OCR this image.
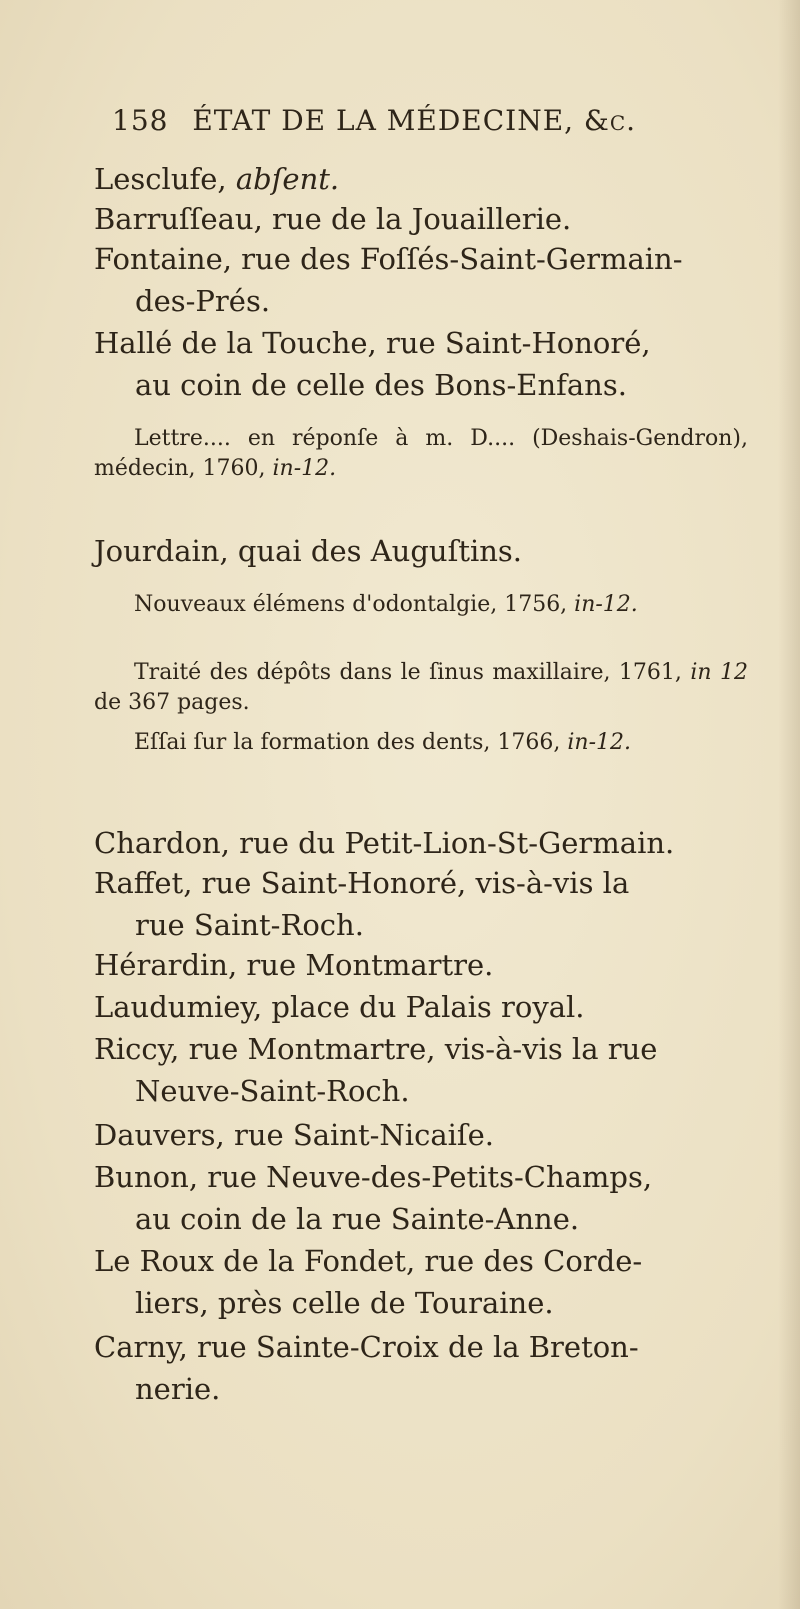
158 ÉTAT DE LA MÉDECINE, &c.
Lesclufe, abſent.
Barruſſeau, rue de la Jouaillerie.
Fontaine, rue des Foſſés-Saint-Germain-
des-Prés.
Hallé de la Touche, rue Saint-Honoré,
au coin de celle des Bons-Enfans.
Lettre.... en réponſe à m. D.... (Deshais-Gendron), médecin, 1760, in-12.
Jourdain, quai des Auguſtins.
Nouveaux élémens d'odontalgie, 1756, in-12.
Traité des dépôts dans le ſinus maxillaire, 1761, in 12 de 367 pages.
Eſſai ſur la formation des dents, 1766, in-12.
Chardon, rue du Petit-Lion-St-Germain.
Raffet, rue Saint-Honoré, vis-à-vis la
rue Saint-Roch.
Hérardin, rue Montmartre.
Laudumiey, place du Palais royal.
Riccy, rue Montmartre, vis-à-vis la rue
Neuve-Saint-Roch.
Dauvers, rue Saint-Nicaiſe.
Bunon, rue Neuve-des-Petits-Champs,
au coin de la rue Sainte-Anne.
Le Roux de la Fondet, rue des Corde-
liers, près celle de Touraine.
Carny, rue Sainte-Croix de la Breton-
nerie.
